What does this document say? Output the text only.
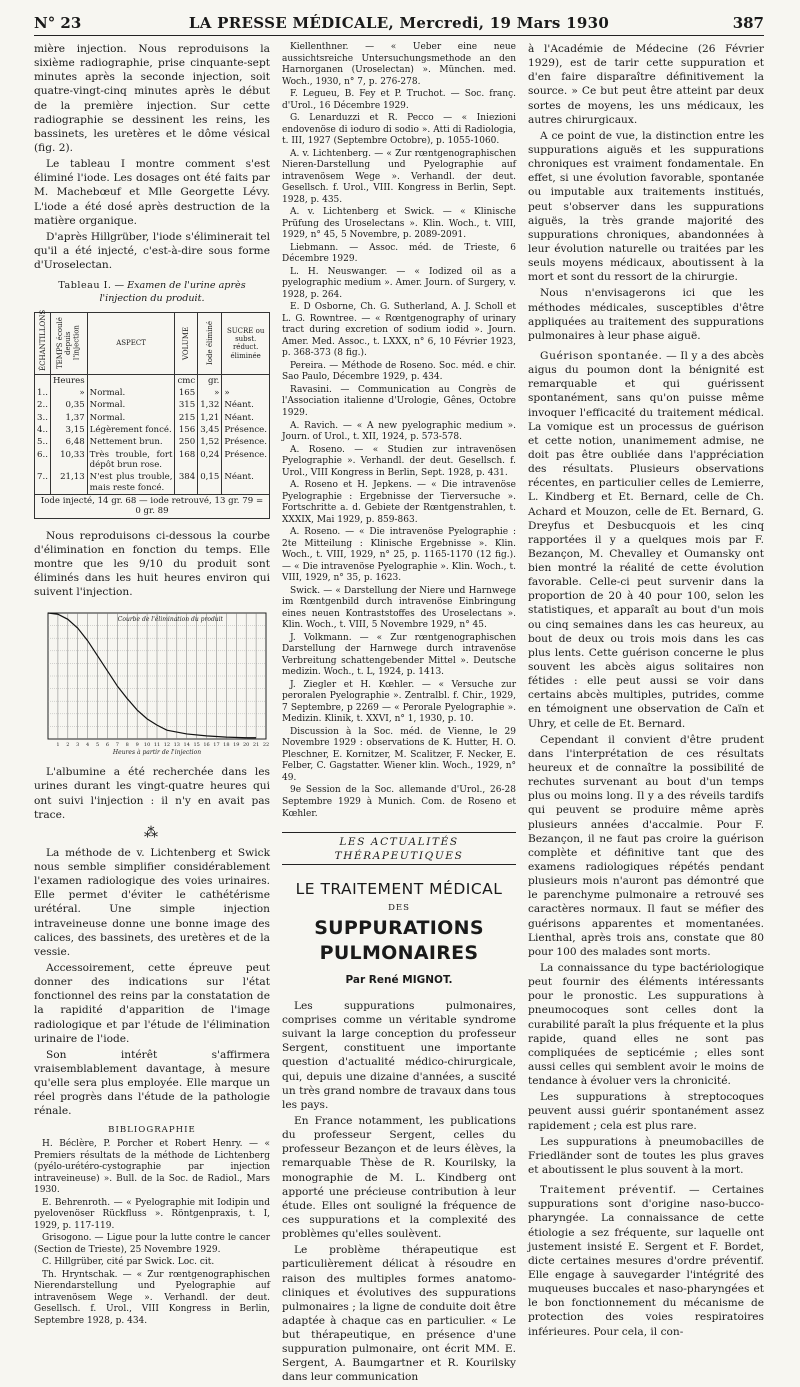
N° 23	LA PRESSE MÉDICALE, Mercredi, 19 Mars 1930	387

mière injection. Nous reproduisons la sixième radiographie, prise cinquante-sept minutes après la seconde injection, soit quatre-vingt-cinq minutes après le début de la première injection. Sur cette radiographie se dessinent les reins, les bassinets, les uretères et le dôme vésical (fig. 2).

Le tableau I montre comment s'est éliminé l'iode. Les dosages ont été faits par M. Machebœuf et Mlle Georgette Lévy. L'iode a été dosé après destruction de la matière organique.

D'après Hillgrüber, l'iode s'éliminerait tel qu'il a été injecté, c'est-à-dire sous forme d'Uroselectan.

Tableau I. — Examen de l'urine après l'injection du produit.
ÉCHANTILLONS	TEMPS écoulé depuis l'injection	ASPECT	VOLUME	Iode éliminé	SUCRE ou subst. réduct. éliminée
	Heures		cmc	gr.	
1..	»	Normal.	165	»	»
2..	0,35	Normal.	315	1,32	Néant.
3..	1,37	Normal.	215	1,21	Néant.
4..	3,15	Légèrement foncé.	156	3,45	Présence.
5..	6,48	Nettement brun.	250	1,52	Présence.
6..	10,33	Très trouble, fort dépôt brun rose.	168	0,24	Présence.
7..	21,13	N'est plus trouble, mais reste foncé.	384	0,15	Néant.
Iode injecté, 14 gr. 68 — iode retrouvé, 13 gr. 79 = 0 gr. 89					

Nous reproduisons ci-dessous la courbe d'élimination en fonction du temps. Elle montre que les 9/10 du produit sont éliminés dans les huit heures environ qui suivent l'injection.

Courbe de l'élimination du produit
1 2 3 4 5 6 7 8 9 10 11 12 13 14 15 16 17 18 19 20 21 22
Heures à partir de l'injection

L'albumine a été recherchée dans les urines durant les vingt-quatre heures qui ont suivi l'injection : il n'y en avait pas trace.

⁂

La méthode de v. Lichtenberg et Swick nous semble simplifier considérablement l'examen radiologique des voies urinaires. Elle permet d'éviter le cathétérisme urétéral. Une simple injection intraveineuse donne une bonne image des calices, des bassinets, des uretères et de la vessie.

Accessoirement, cette épreuve peut donner des indications sur l'état fonctionnel des reins par la constatation de la rapidité d'apparition de l'image radiologique et par l'étude de l'élimination urinaire de l'iode.

Son intérêt s'affirmera vraisemblablement davantage, à mesure qu'elle sera plus employée. Elle marque un réel progrès dans l'étude de la pathologie rénale.

BIBLIOGRAPHIE

H. Béclère, P. Porcher et Robert Henry. — « Premiers résultats de la méthode de Lichtenberg (pyélo-urétéro-cystographie par injection intraveineuse) ». Bull. de la Soc. de Radiol., Mars 1930.

E. Behrenroth. — « Pyelographie mit Iodipin und pyelovenöser Rückfluss ». Röntgenpraxis, t. I, 1929, p. 117-119.

Grisogono. — Ligue pour la lutte contre le cancer (Section de Trieste), 25 Novembre 1929.

C. Hillgrüber, cité par Swick. Loc. cit.

Th. Hryntschak. — « Zur rœntgenographischen Nierendarstellung und Pyelographie auf intravenösem Wege ». Verhandl. der deut. Gesellsch. f. Urol., VIII Kongress in Berlin, Septembre 1928, p. 434.

Kiellenthner. — « Ueber eine neue aussichtsreiche Untersuchungsmethode an den Harnorganen (Uroselectan) ». München. med. Woch., 1930, n° 7, p. 276-278.

F. Legueu, B. Fey et P. Truchot. — Soc. franç. d'Urol., 16 Décembre 1929.

G. Lenarduzzi et R. Pecco — « Iniezioni endovenöse di ioduro di sodio ». Atti di Radiologia, t. III, 1927 (Septembre Octobre), p. 1055-1060.

A. v. Lichtenberg. — « Zur rœntgenographischen Nieren-Darstellung und Pyelographie auf intravenösem Wege ». Verhandl. der deut. Gesellsch. f. Urol., VIII. Kongress in Berlin, Sept. 1928, p. 435.

A. v. Lichtenberg et Swick. — « Klinische Prüfung des Uroselectans ». Klin. Woch., t. VIII, 1929, n° 45, 5 Novembre, p. 2089-2091.

Liebmann. — Assoc. méd. de Trieste, 6 Décembre 1929.

L. H. Neuswanger. — « Iodized oil as a pyelographic medium ». Amer. Journ. of Surgery, v. 1928, p. 264.

E. D Osborne, Ch. G. Sutherland, A. J. Scholl et L. G. Rowntree. — « Rœntgenography of urinary tract during excretion of sodium iodid ». Journ. Amer. Med. Assoc., t. LXXX, n° 6, 10 Février 1923, p. 368-373 (8 fig.).

Pereira. — Méthode de Roseno. Soc. méd. e chir. Sao Paulo, Décembre 1929, p. 434.

Ravasini. — Communication au Congrès de l'Association italienne d'Urologie, Gênes, Octobre 1929.

A. Ravich. — « A new pyelographic medium ». Journ. of Urol., t. XII, 1924, p. 573-578.

A. Roseno. — « Studien zur intravenösen Pyelographie ». Verhandl. der deut. Gesellsch. f. Urol., VIII Kongress in Berlin, Sept. 1928, p. 431.

A. Roseno et H. Jepkens. — « Die intravenöse Pyelographie : Ergebnisse der Tierversuche ». Fortschritte a. d. Gebiete der Rœntgenstrahlen, t. XXXIX, Mai 1929, p. 859-863.

A. Roseno. — « Die intravenöse Pyelographie : 2te Mitteilung : Klinische Ergebnisse ». Klin. Woch., t. VIII, 1929, n° 25, p. 1165-1170 (12 fig.). — « Die intravenöse Pyelographie ». Klin. Woch., t. VIII, 1929, n° 35, p. 1623.

Swick. — « Darstellung der Niere und Harnwege im Rœntgenbild durch intravenöse Einbringung eines neuen Kontraststoffes des Uroselectans ». Klin. Woch., t. VIII, 5 Novembre 1929, n° 45.

J. Volkmann. — « Zur rœntgenographischen Darstellung der Harnwege durch intravenöse Verbreitung schattengebender Mittel ». Deutsche medizin. Woch., t. L, 1924, p. 1413.

J. Ziegler et H. Kœhler. — « Versuche zur peroralen Pyelographie ». Zentralbl. f. Chir., 1929, 7 Septembre, p 2269 — « Perorale Pyelographie ». Medizin. Klinik, t. XXVI, n° 1, 1930, p. 10.

Discussion à la Soc. méd. de Vienne, le 29 Novembre 1929 : observations de K. Hutter, H. O. Pleschner, E. Kornitzer, M. Scalitzer, F. Necker, E. Felber, C. Gagstatter. Wiener klin. Woch., 1929, n° 49.

9e Session de la Soc. allemande d'Urol., 26-28 Septembre 1929 à Munich. Com. de Roseno et Kœhler.

LES ACTUALITÉS THÉRAPEUTIQUES
LE TRAITEMENT MÉDICAL
DES
SUPPURATIONS PULMONAIRES
Par René MIGNOT.

Les suppurations pulmonaires, comprises comme un véritable syndrome suivant la large conception du professeur Sergent, constituent une importante question d'actualité médico-chirurgicale, qui, depuis une dizaine d'années, a suscité un très grand nombre de travaux dans tous les pays.

En France notamment, les publications du professeur Sergent, celles du professeur Bezançon et de leurs élèves, la remarquable Thèse de R. Kourilsky, la monographie de M. L. Kindberg ont apporté une précieuse contribution à leur étude. Elles ont souligné la fréquence de ces suppurations et la complexité des problèmes qu'elles soulèvent.

Le problème thérapeutique est particulièrement délicat à résoudre en raison des multiples formes anatomo-cliniques et évolutives des suppurations pulmonaires ; la ligne de conduite doit être adaptée à chaque cas en particulier. « Le but thérapeutique, en présence d'une suppuration pulmonaire, ont écrit MM. E. Sergent, A. Baumgartner et R. Kourilsky dans leur communication

à l'Académie de Médecine (26 Février 1929), est de tarir cette suppuration et d'en faire disparaître définitivement la source. » Ce but peut être atteint par deux sortes de moyens, les uns médicaux, les autres chirurgicaux.

A ce point de vue, la distinction entre les suppurations aiguës et les suppurations chroniques est vraiment fondamentale. En effet, si une évolution favorable, spontanée ou imputable aux traitements institués, peut s'observer dans les suppurations aiguës, la très grande majorité des suppurations chroniques, abandonnées à leur évolution naturelle ou traitées par les seuls moyens médicaux, aboutissent à la mort et sont du ressort de la chirurgie.

Nous n'envisagerons ici que les méthodes médicales, susceptibles d'être appliquées au traitement des suppurations pulmonaires à leur phase aiguë.

Guérison spontanée. — Il y a des abcès aigus du poumon dont la bénignité est remarquable et qui guérissent spontanément, sans qu'on puisse même invoquer l'efficacité du traitement médical. La vomique est un processus de guérison et cette notion, unanimement admise, ne doit pas être oubliée dans l'appréciation des résultats. Plusieurs observations récentes, en particulier celles de Lemierre, L. Kindberg et Et. Bernard, celle de Ch. Achard et Mouzon, celle de Et. Bernard, G. Dreyfus et Desbucquois et les cinq rapportées il y a quelques mois par F. Bezançon, M. Chevalley et Oumansky ont bien montré la réalité de cette évolution favorable. Celle-ci peut survenir dans la proportion de 20 à 40 pour 100, selon les statistiques, et apparaît au bout d'un mois ou cinq semaines dans les cas heureux, au bout de deux ou trois mois dans les cas plus lents. Cette guérison concerne le plus souvent les abcès aigus solitaires non fétides : elle peut aussi se voir dans certains abcès multiples, putrides, comme en témoignent une observation de Caïn et Uhry, et celle de Et. Bernard.

Cependant il convient d'être prudent dans l'interprétation de ces résultats heureux et de connaître la possibilité de rechutes survenant au bout d'un temps plus ou moins long. Il y a des réveils tardifs qui peuvent se produire même après plusieurs années d'accalmie. Pour F. Bezançon, il ne faut pas croire la guérison complète et définitive tant que des examens radiologiques répétés pendant plusieurs mois n'auront pas démontré que le parenchyme pulmonaire a retrouvé ses caractères normaux. Il faut se méfier des guérisons apparentes et momentanées. Lienthal, après trois ans, constate que 80 pour 100 des malades sont morts.

La connaissance du type bactériologique peut fournir des éléments intéressants pour le pronostic. Les suppurations à pneumocoques sont celles dont la curabilité paraît la plus fréquente et la plus rapide, quand elles ne sont pas compliquées de septicémie ; elles sont aussi celles qui semblent avoir le moins de tendance à évoluer vers la chronicité.

Les suppurations à streptocoques peuvent aussi guérir spontanément assez rapidement ; cela est plus rare.

Les suppurations à pneumobacilles de Friedländer sont de toutes les plus graves et aboutissent le plus souvent à la mort.

Traitement préventif. — Certaines suppurations sont d'origine naso-bucco-pharyngée. La connaissance de cette étiologie a sez fréquente, sur laquelle ont justement insisté E. Sergent et F. Bordet, dicte certaines mesures d'ordre préventif. Elle engage à sauvegarder l'intégrité des muqueuses buccales et naso-pharyngées et le bon fonctionnement du mécanisme de protection des voies respiratoires inférieures. Pour cela, il con-
